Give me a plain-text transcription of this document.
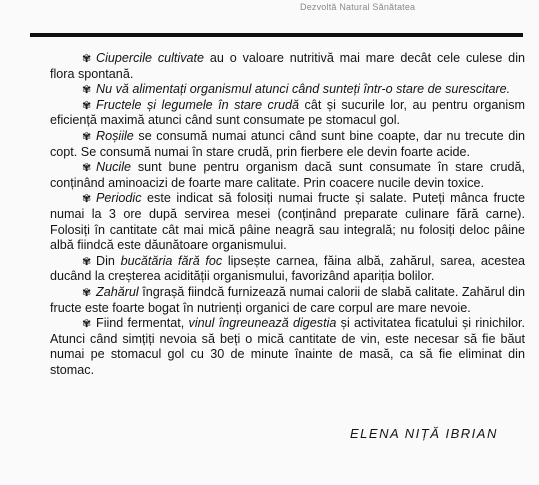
Dezvoltă Natural Sănătatea

✾ Ciupercile cultivate au o valoare nutritivă mai mare decât cele culese din flora spontană.

✾ Nu vă alimentați organismul atunci când sunteți într-o stare de surescitare.

✾ Fructele și legumele în stare crudă cât și sucurile lor, au pentru organism eficiență maximă atunci când sunt consumate pe stomacul gol.

✾ Roșiile se consumă numai atunci când sunt bine coapte, dar nu trecute din copt. Se consumă numai în stare crudă, prin fierbere ele devin foarte acide.

✾ Nucile sunt bune pentru organism dacă sunt consumate în stare crudă, conținând aminoacizi de foarte mare calitate. Prin coacere nucile devin toxice.

✾ Periodic este indicat să folosiți numai fructe și salate. Puteți mânca fructe numai la 3 ore după servirea mesei (conținând preparate culinare fără carne). Folosiți în cantitate cât mai mică pâine neagră sau integrală; nu folosiți deloc pâine albă fiindcă este dăunătoare organismului.

✾ Din bucătăria fără foc lipsește carnea, făina albă, zahărul, sarea, acestea ducând la creșterea acidității organismului, favorizând apariția bolilor.

✾ Zahărul îngrașă fiindcă furnizează numai calorii de slabă calitate. Zahărul din fructe este foarte bogat în nutrienți organici de care corpul are mare nevoie.

✾ Fiind fermentat, vinul îngreunează digestia și activitatea ficatului și rinichilor. Atunci când simțiți nevoia să beți o mică cantitate de vin, este necesar să fie băut numai pe stomacul gol cu 30 de minute înainte de masă, ca să fie eliminat din stomac.

ELENA NIȚĂ IBRIAN
